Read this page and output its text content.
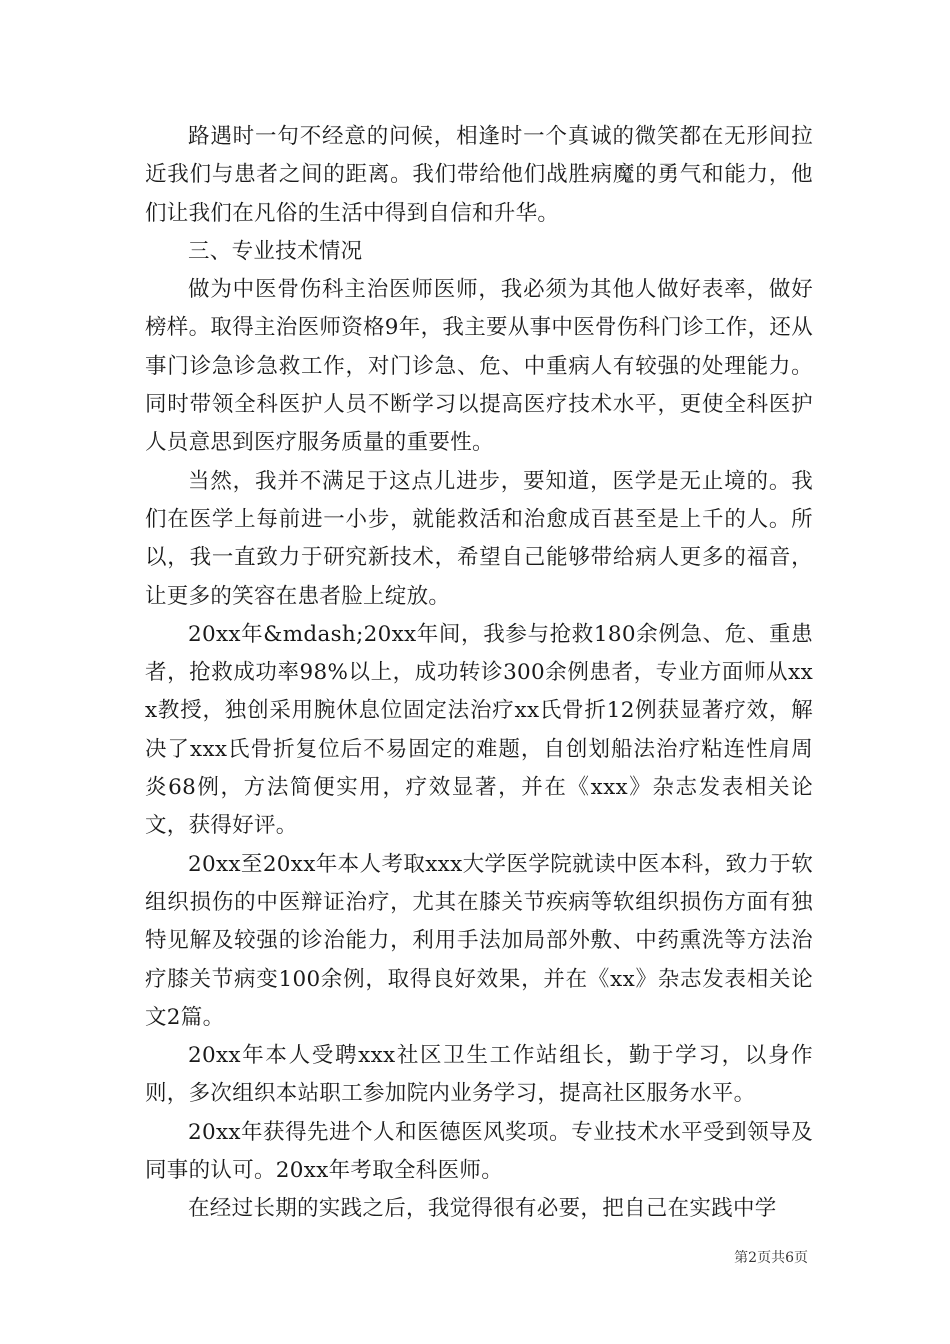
路遇时一句不经意的问候，相逢时一个真诚的微笑都在无形间拉近我们与患者之间的距离。我们带给他们战胜病魔的勇气和能力，他们让我们在凡俗的生活中得到自信和升华。

三、专业技术情况

做为中医骨伤科主治医师医师，我必须为其他人做好表率，做好榜样。取得主治医师资格9年，我主要从事中医骨伤科门诊工作，还从事门诊急诊急救工作，对门诊急、危、中重病人有较强的处理能力。同时带领全科医护人员不断学习以提高医疗技术水平，更使全科医护人员意思到医疗服务质量的重要性。

当然，我并不满足于这点儿进步，要知道，医学是无止境的。我们在医学上每前进一小步，就能救活和治愈成百甚至是上千的人。所以，我一直致力于研究新技术，希望自己能够带给病人更多的福音，让更多的笑容在患者脸上绽放。

20xx年&mdash;20xx年间，我参与抢救180余例急、危、重患者，抢救成功率98%以上，成功转诊300余例患者，专业方面师从xxx教授，独创采用腕休息位固定法治疗xx氏骨折12例获显著疗效，解决了xxx氏骨折复位后不易固定的难题，自创划船法治疗粘连性肩周炎68例，方法简便实用，疗效显著，并在《xxx》杂志发表相关论文，获得好评。

20xx至20xx年本人考取xxx大学医学院就读中医本科，致力于软组织损伤的中医辩证治疗，尤其在膝关节疾病等软组织损伤方面有独特见解及较强的诊治能力，利用手法加局部外敷、中药熏洗等方法治疗膝关节病变100余例，取得良好效果，并在《xx》杂志发表相关论文2篇。

20xx年本人受聘xxx社区卫生工作站组长，勤于学习，以身作则，多次组织本站职工参加院内业务学习，提高社区服务水平。

20xx年获得先进个人和医德医风奖项。专业技术水平受到领导及同事的认可。20xx年考取全科医师。

在经过长期的实践之后，我觉得很有必要，把自己在实践中学

第2页共6页
